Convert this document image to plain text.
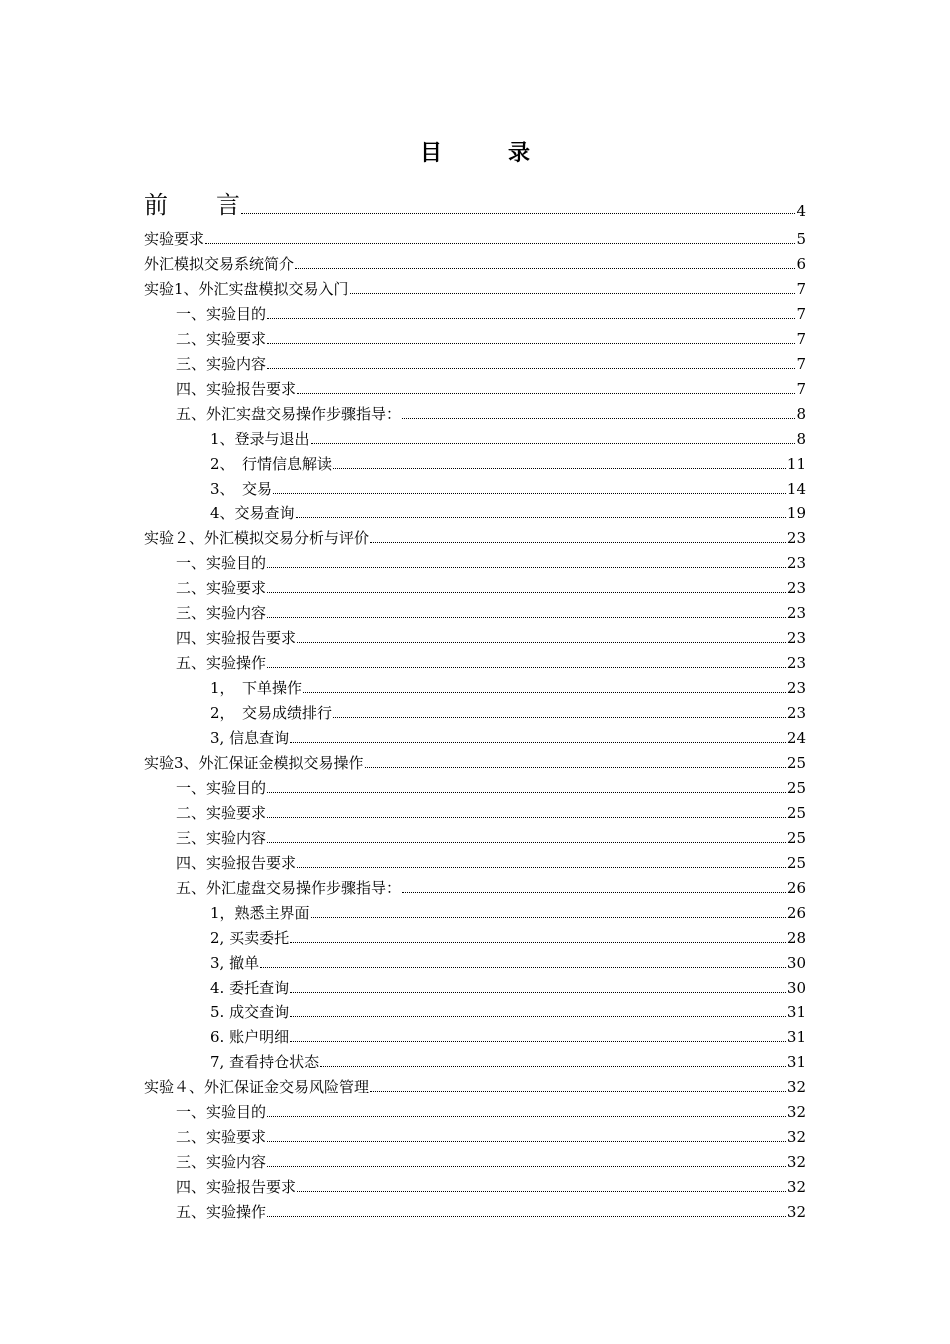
目　录
前　　言	4
实验要求	5
外汇模拟交易系统简介	6
实验1、外汇实盘模拟交易入门	7
一、实验目的	7
二、实验要求	7
三、实验内容	7
四、实验报告要求	7
五、外汇实盘交易操作步骤指导：	8
1、登录与退出	8
2、　行情信息解读	11
3、　交易	14
4、交易查询	19
实验２、外汇模拟交易分析与评价	23
一、实验目的	23
二、实验要求	23
三、实验内容	23
四、实验报告要求	23
五、实验操作	23
1，　下单操作	23
2，　交易成绩排行	23
3, 信息查询	24
实验3、外汇保证金模拟交易操作	25
一、实验目的	25
二、实验要求	25
三、实验内容	25
四、实验报告要求	25
五、外汇虚盘交易操作步骤指导：	26
1，熟悉主界面	26
2, 买卖委托	28
3, 撤单	30
4. 委托查询	30
5. 成交查询	31
6. 账户明细	31
7, 查看持仓状态	31
实验４、外汇保证金交易风险管理	32
一、实验目的	32
二、实验要求	32
三、实验内容	32
四、实验报告要求	32
五、实验操作	32
